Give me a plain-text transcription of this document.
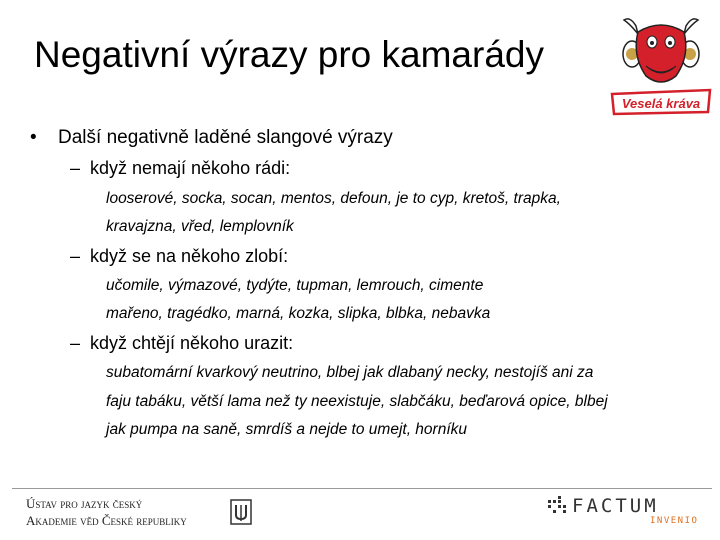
Negativní výrazy pro kamarády
Veselá kráva
• Další negativně laděné slangové výrazy
– když nemají někoho rádi:
looserové, socka, socan, mentos, defoun, je to cyp, kretoš, trapka,
kravajzna, vřed, lemplovník
– když se na někoho zlobí:
učomile, výmazové, tydýte, tupman, lemrouch, cimente
mařeno, tragédko, marná, kozka, slipka, blbka, nebavka
– když chtějí někoho urazit:
subatomární kvarkový neutrino, blbej jak dlabaný necky, nestojíš ani za
faju tabáku, větší lama než ty neexistuje, slabčáku, beďarová opice, blbej
jak pumpa na saně, smrdíš a nejde to umejt, horníku
Ústav pro jazyk český
Akademie věd České republiky
FACTUM
INVENIO
